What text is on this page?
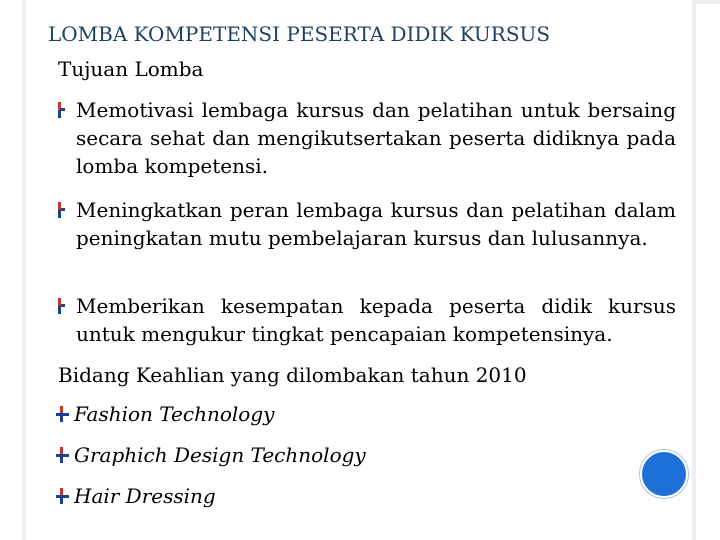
LOMBA KOMPETENSI PESERTA DIDIK KURSUS
Tujuan Lomba
Memotivasi lembaga kursus dan pelatihan untuk bersaing secara sehat dan mengikutsertakan peserta didiknya pada lomba kompetensi.
Meningkatkan peran lembaga kursus dan pelatihan dalam peningkatan mutu pembelajaran kursus dan lulusannya.
Memberikan kesempatan kepada peserta didik kursus untuk mengukur tingkat pencapaian kompetensinya.
Bidang Keahlian yang dilombakan tahun 2010
Fashion Technology
Graphich Design Technology
Hair Dressing
